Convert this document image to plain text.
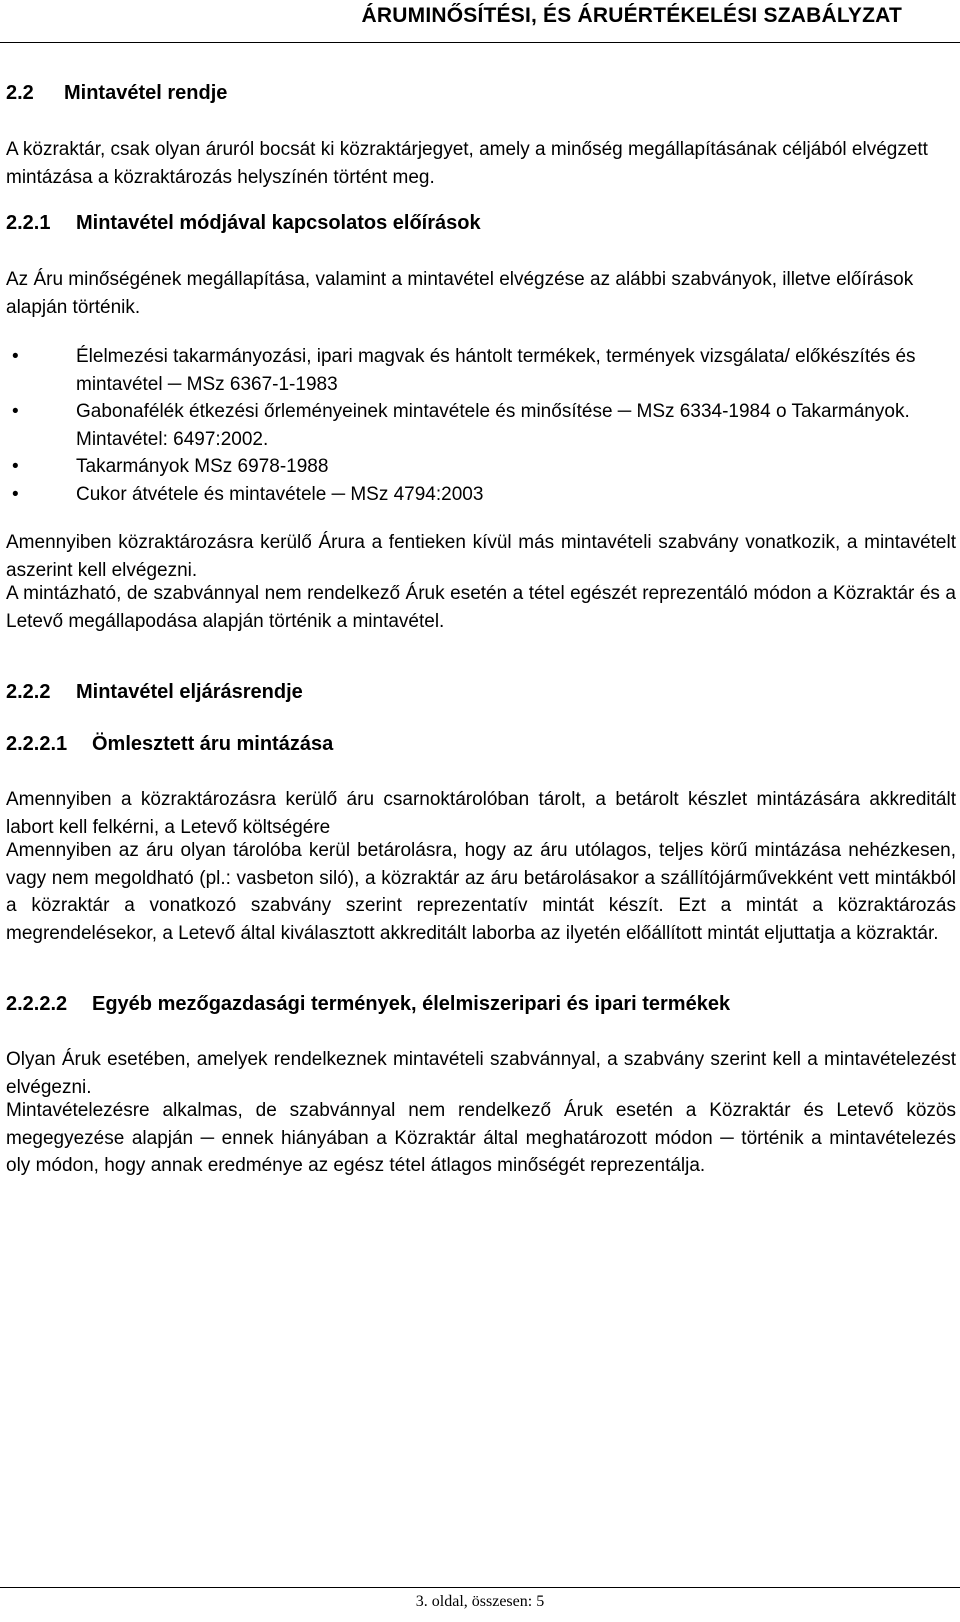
ÁRUMINŐSÍTÉSI, ÉS ÁRUÉRTÉKELÉSI SZABÁLYZAT
2.2	Mintavétel rendje

A közraktár, csak olyan áruról bocsát ki közraktárjegyet, amely a minőség megállapításának céljából elvégzett mintázása a közraktározás helyszínén történt meg.

2.2.1	Mintavétel módjával kapcsolatos előírások

Az Áru minőségének megállapítása, valamint a mintavétel elvégzése az alábbi szabványok, illetve előírások alapján történik.

• Élelmezési takarmányozási, ipari magvak és hántolt termékek, termények vizsgálata/ előkészítés és mintavétel ─ MSz 6367-1-1983
• Gabonafélék étkezési őrleményeinek mintavétele és minősítése ─ MSz 6334-1984 o Takarmányok. Mintavétel: 6497:2002.
• Takarmányok MSz 6978-1988
• Cukor átvétele és mintavétele ─ MSz 4794:2003

Amennyiben közraktározásra kerülő Árura a fentieken kívül más mintavételi szabvány vonatkozik, a mintavételt aszerint kell elvégezni.

A mintázható, de szabvánnyal nem rendelkező Áruk esetén a tétel egészét reprezentáló módon a Közraktár és a Letevő megállapodása alapján történik a mintavétel.

2.2.2	Mintavétel eljárásrendje
2.2.2.1	Ömlesztett áru mintázása

Amennyiben a közraktározásra kerülő áru csarnoktárolóban tárolt, a betárolt készlet mintázására akkreditált labort kell felkérni, a Letevő költségére

Amennyiben az áru olyan tárolóba kerül betárolásra, hogy az áru utólagos, teljes körű mintázása nehézkesen, vagy nem megoldható (pl.: vasbeton siló), a közraktár az áru betárolásakor a szállítójárművekként vett mintákból a közraktár a vonatkozó szabvány szerint reprezentatív mintát készít. Ezt a mintát a közraktározás megrendelésekor, a Letevő által kiválasztott akkreditált laborba az ilyetén előállított mintát eljuttatja a közraktár.

2.2.2.2	Egyéb mezőgazdasági termények, élelmiszeripari és ipari termékek

Olyan Áruk esetében, amelyek rendelkeznek mintavételi szabvánnyal, a szabvány szerint kell a mintavételezést elvégezni.

Mintavételezésre alkalmas, de szabvánnyal nem rendelkező Áruk esetén a Közraktár és Letevő közös megegyezése alapján ─ ennek hiányában a Közraktár által meghatározott módon ─ történik a mintavételezés oly módon, hogy annak eredménye az egész tétel átlagos minőségét reprezentálja.

3. oldal, összesen: 5
